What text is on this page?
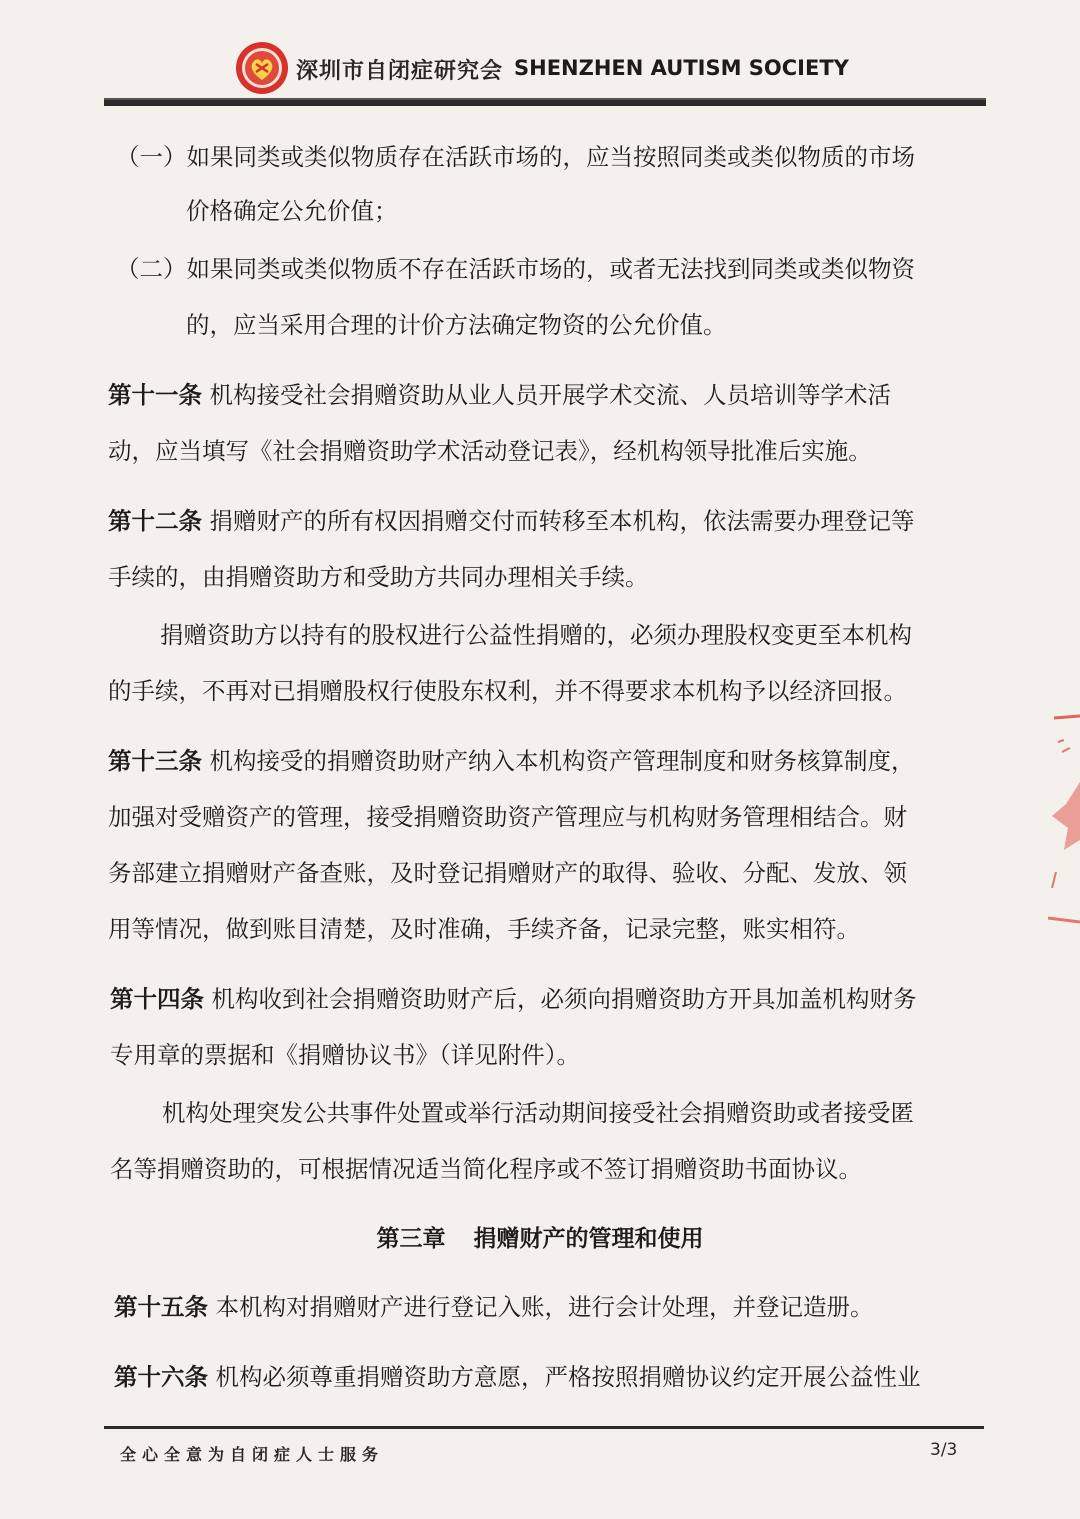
深圳市自闭症研究会 SHENZHEN AUTISM SOCIETY
（一）如果同类或类似物质存在活跃市场的，应当按照同类或类似物质的市场
价格确定公允价值；
（二）如果同类或类似物质不存在活跃市场的，或者无法找到同类或类似物资
的，应当采用合理的计价方法确定物资的公允价值。
第十一条 机构接受社会捐赠资助从业人员开展学术交流、人员培训等学术活
动，应当填写《社会捐赠资助学术活动登记表》，经机构领导批准后实施。
第十二条 捐赠财产的所有权因捐赠交付而转移至本机构，依法需要办理登记等
手续的，由捐赠资助方和受助方共同办理相关手续。
捐赠资助方以持有的股权进行公益性捐赠的，必须办理股权变更至本机构
的手续，不再对已捐赠股权行使股东权利，并不得要求本机构予以经济回报。
第十三条 机构接受的捐赠资助财产纳入本机构资产管理制度和财务核算制度，
加强对受赠资产的管理，接受捐赠资助资产管理应与机构财务管理相结合。财
务部建立捐赠财产备查账，及时登记捐赠财产的取得、验收、分配、发放、领
用等情况，做到账目清楚，及时准确，手续齐备，记录完整，账实相符。
第十四条 机构收到社会捐赠资助财产后，必须向捐赠资助方开具加盖机构财务
专用章的票据和《捐赠协议书》（详见附件）。
机构处理突发公共事件处置或举行活动期间接受社会捐赠资助或者接受匿
名等捐赠资助的，可根据情况适当简化程序或不签订捐赠资助书面协议。
第三章 捐赠财产的管理和使用
第十五条 本机构对捐赠财产进行登记入账，进行会计处理，并登记造册。
第十六条 机构必须尊重捐赠资助方意愿，严格按照捐赠协议约定开展公益性业
全心全意为自闭症人士服务	3/3
